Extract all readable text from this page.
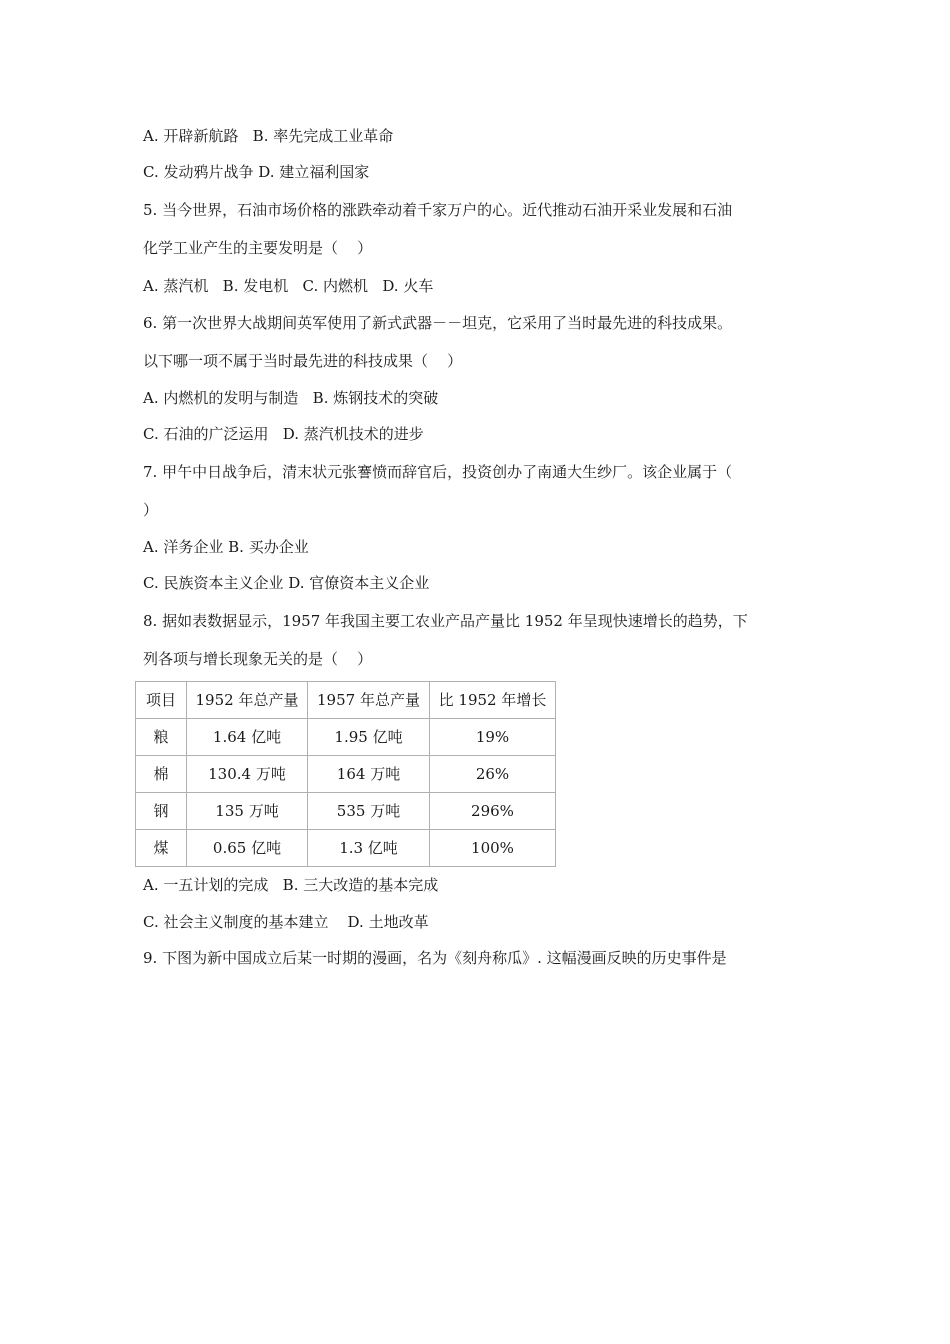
A. 开辟新航路   B. 率先完成工业革命
C. 发动鸦片战争 D. 建立福利国家
5. 当今世界，石油市场价格的涨跌牵动着千家万户的心。近代推动石油开采业发展和石油
化学工业产生的主要发明是（    ）
A. 蒸汽机   B. 发电机   C. 内燃机   D. 火车
6. 第一次世界大战期间英军使用了新式武器－－坦克，它采用了当时最先进的科技成果。
以下哪一项不属于当时最先进的科技成果（    ）
A. 内燃机的发明与制造   B. 炼钢技术的突破
C. 石油的广泛运用   D. 蒸汽机技术的进步
7. 甲午中日战争后，清末状元张謇愤而辞官后，投资创办了南通大生纱厂。该企业属于（
）
A. 洋务企业 B. 买办企业
C. 民族资本主义企业 D. 官僚资本主义企业
8. 据如表数据显示，1957 年我国主要工农业产品产量比 1952 年呈现快速增长的趋势，下
列各项与增长现象无关的是（    ）
项目	1952 年总产量	1957 年总产量	比 1952 年增长
粮	1.64 亿吨	1.95 亿吨	19%
棉	130.4 万吨	164 万吨	26%
钢	135 万吨	535 万吨	296%
煤	0.65 亿吨	1.3 亿吨	100%
A. 一五计划的完成   B. 三大改造的基本完成
C. 社会主义制度的基本建立    D. 土地改革
9. 下图为新中国成立后某一时期的漫画，名为《刻舟称瓜》. 这幅漫画反映的历史事件是
